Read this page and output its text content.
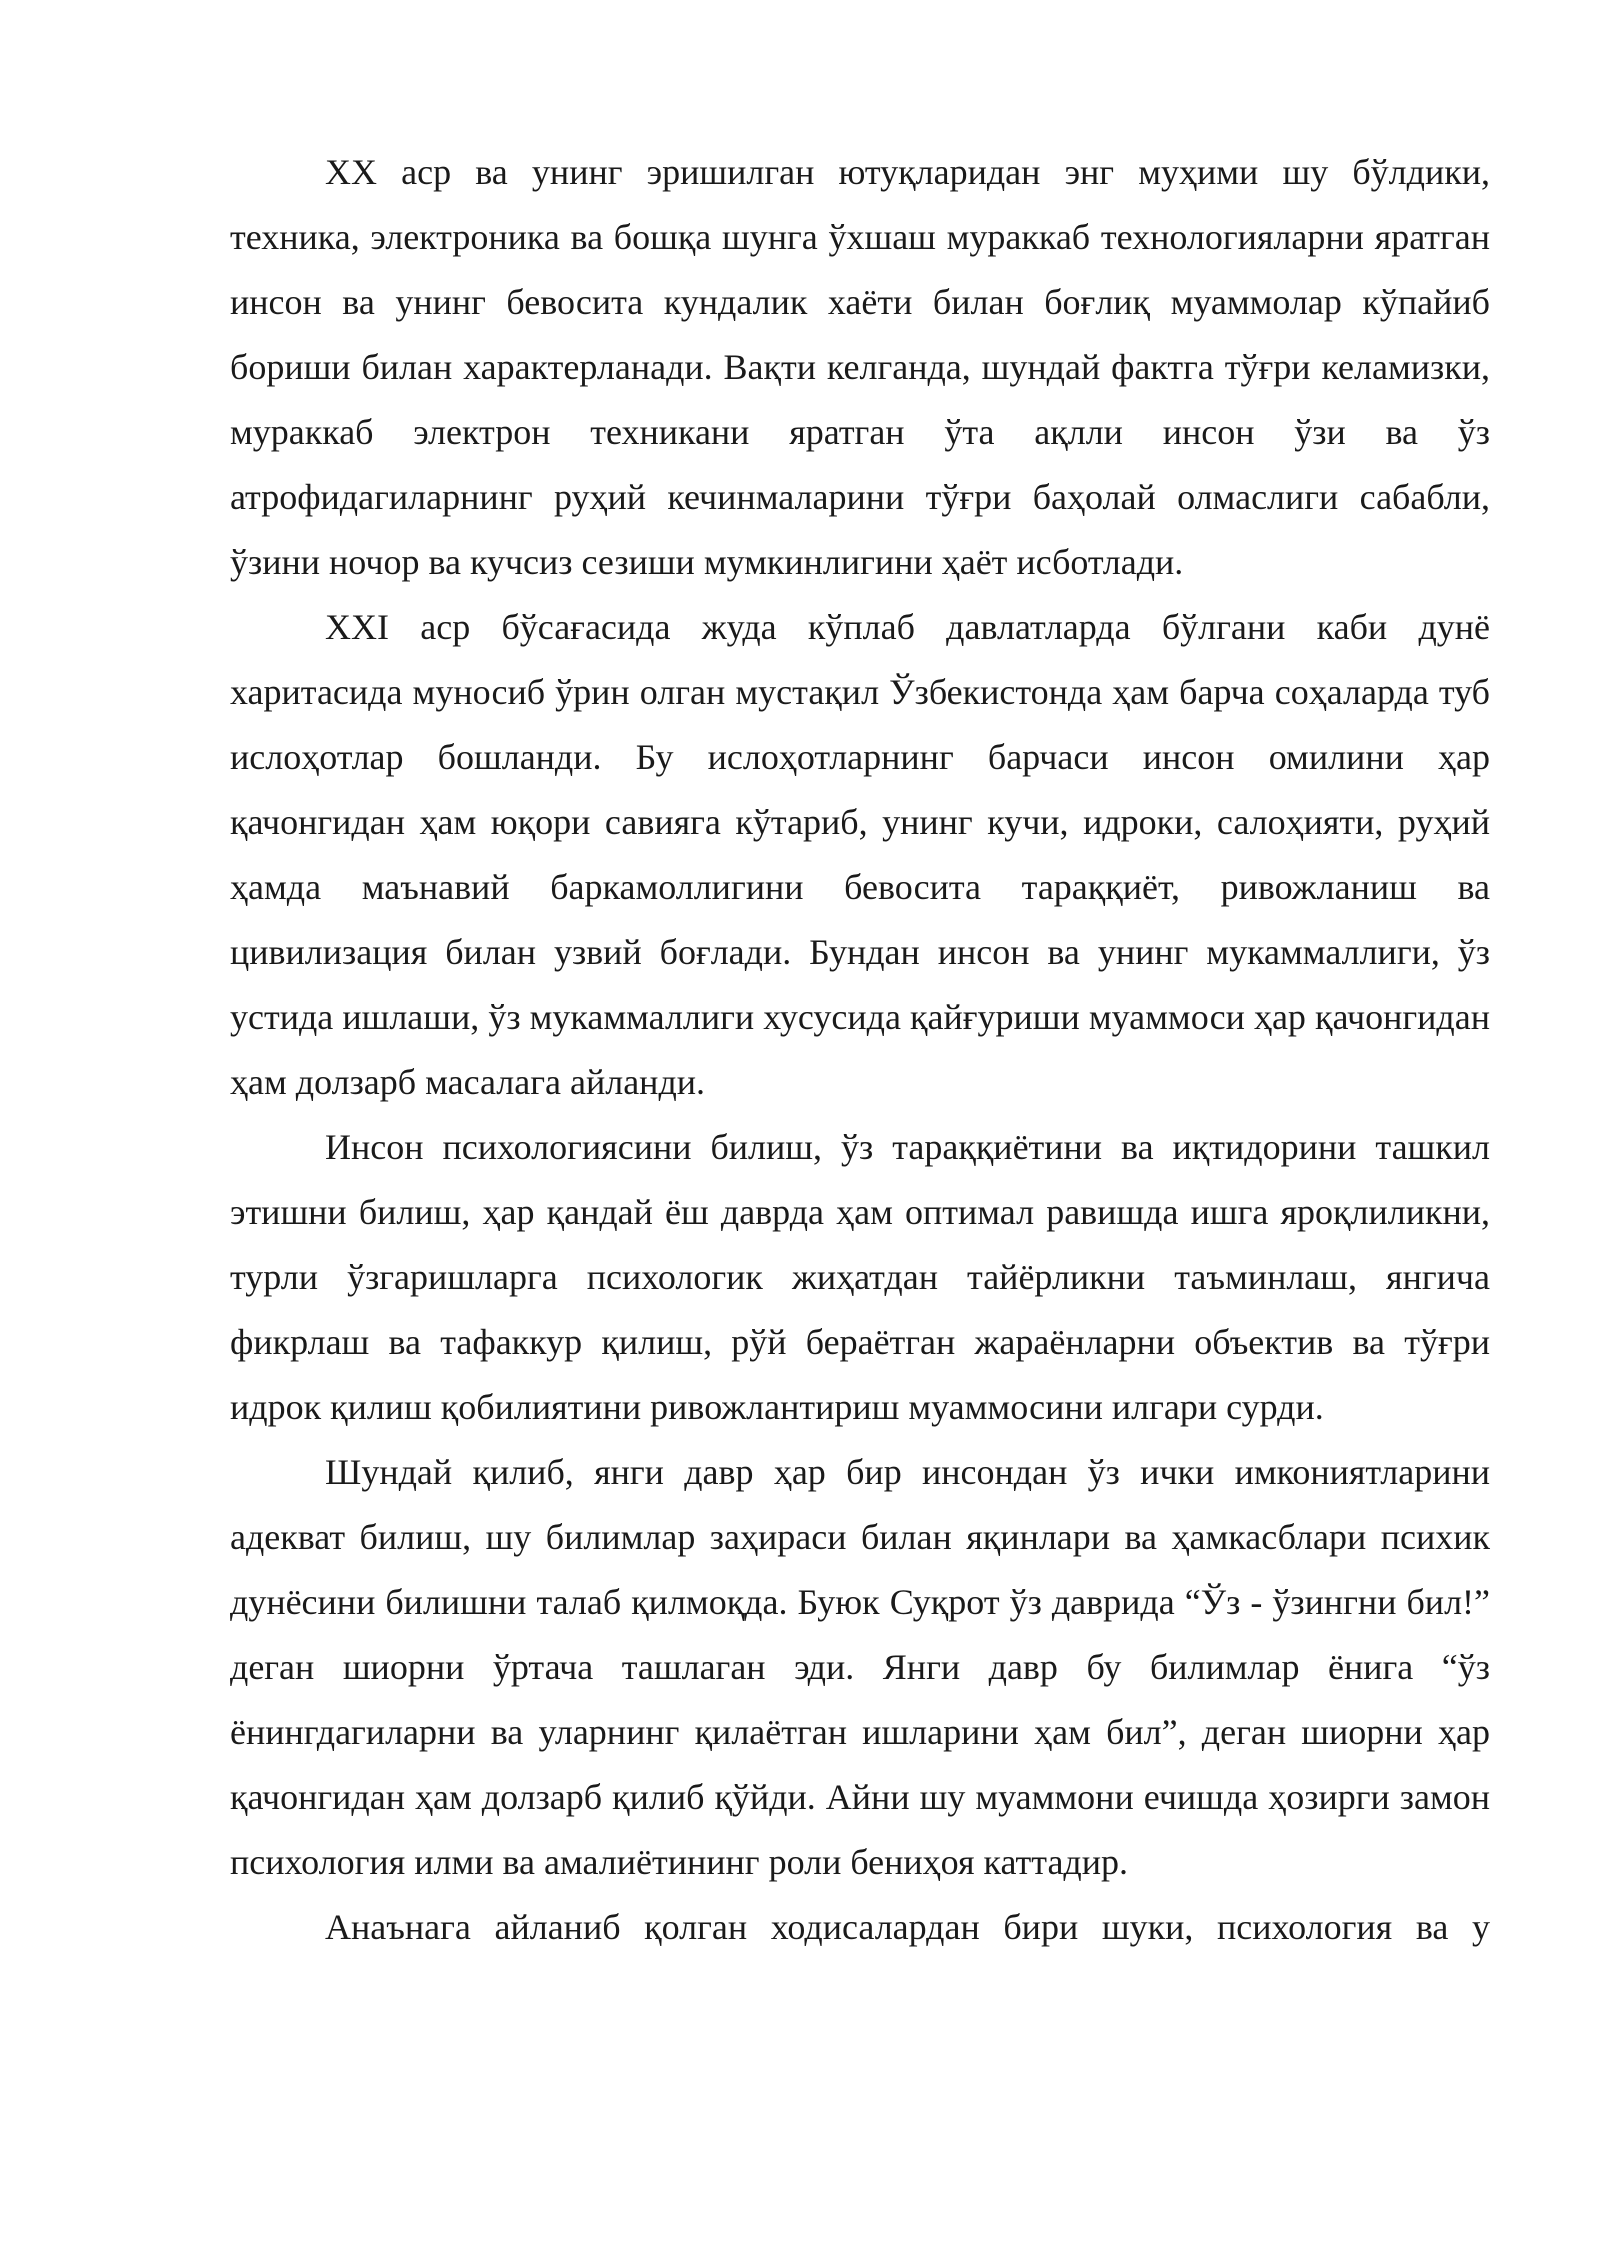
XX аср ва унинг эришилган ютуқларидан энг муҳими шу бўлдики, техника, электроника ва бошқа шунга ўхшаш мураккаб технологияларни яратган инсон ва унинг бевосита кундалик хаёти билан боғлиқ муаммолар кўпайиб бориши билан характерланади. Вақти келганда, шундай фактга тўғри келамизки, мураккаб электрон техникани яратган ўта ақлли инсон ўзи ва ўз атрофидагиларнинг руҳий кечинмаларини тўғри баҳолай олмаслиги сабабли, ўзини ночор ва кучсиз сезиши мумкинлигини ҳаёт исботлади.

XXI аср бўсағасида жуда кўплаб давлатларда бўлгани каби дунё харитасида муносиб ўрин олган мустақил Ўзбекистонда ҳам барча соҳаларда туб ислоҳотлар бошланди. Бу ислоҳотларнинг барчаси инсон омилини ҳар қачонгидан ҳам юқори савияга кўтариб, унинг кучи, идроки, салоҳияти, руҳий ҳамда маънавий баркамоллигини бевосита тараққиёт, ривожланиш ва цивилизация билан узвий боғлади. Бундан инсон ва унинг мукаммаллиги, ўз устида ишлаши, ўз мукаммаллиги хусусида қайғуриши муаммоси ҳар қачонгидан ҳам долзарб масалага айланди.

Инсон психологиясини билиш, ўз тараққиётини ва иқтидорини ташкил этишни билиш, ҳар қандай ёш даврда ҳам оптимал равишда ишга яроқлиликни, турли ўзгаришларга психологик жиҳатдан тайёрликни таъминлаш, янгича фикрлаш ва тафаккур қилиш, рўй бераётган жараёнларни объектив ва тўғри идрок қилиш қобилиятини ривожлантириш муаммосини илгари сурди.

Шундай қилиб, янги давр ҳар бир инсондан ўз ички имкониятларини адекват билиш, шу билимлар заҳираси билан яқинлари ва ҳамкасблари психик дунёсини билишни талаб қилмоқда. Буюк Суқрот ўз даврида “Ўз - ўзингни бил!” деган шиорни ўртача ташлаган эди. Янги давр бу билимлар ёнига “ўз ёнингдагиларни ва уларнинг қилаётган ишларини ҳам бил”, деган шиорни ҳар қачонгидан ҳам долзарб қилиб қўйди. Айни шу муаммони ечишда ҳозирги замон психология илми ва амалиётининг роли бениҳоя каттадир.

Анаънага айланиб қолган ходисалардан бири шуки, психология ва у
